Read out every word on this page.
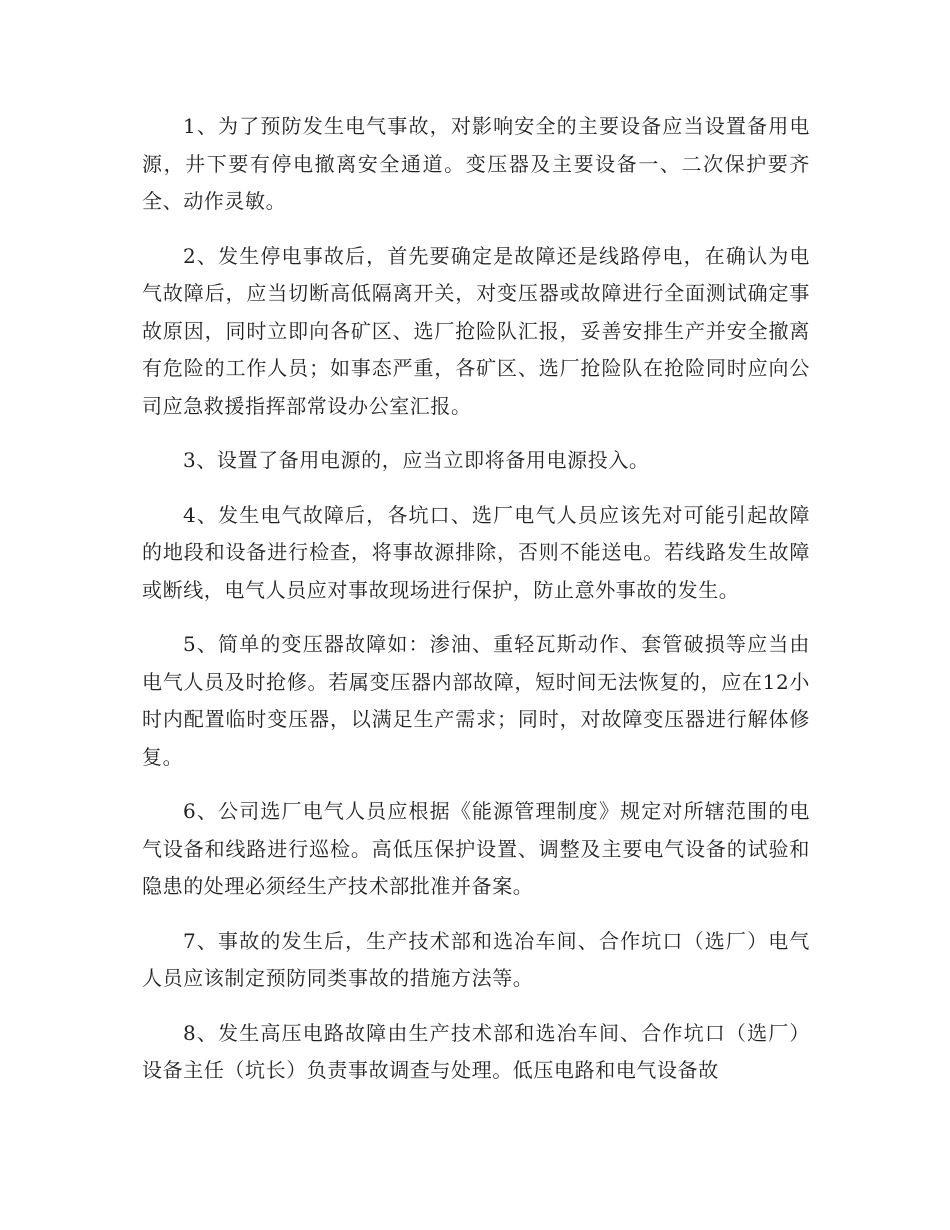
1、为了预防发生电气事故，对影响安全的主要设备应当设置备用电源，井下要有停电撤离安全通道。变压器及主要设备一、二次保护要齐全、动作灵敏。

2、发生停电事故后，首先要确定是故障还是线路停电，在确认为电气故障后，应当切断高低隔离开关，对变压器或故障进行全面测试确定事故原因，同时立即向各矿区、选厂抢险队汇报，妥善安排生产并安全撤离有危险的工作人员；如事态严重，各矿区、选厂抢险队在抢险同时应向公司应急救援指挥部常设办公室汇报。

3、设置了备用电源的，应当立即将备用电源投入。

4、发生电气故障后，各坑口、选厂电气人员应该先对可能引起故障的地段和设备进行检查，将事故源排除，否则不能送电。若线路发生故障或断线，电气人员应对事故现场进行保护，防止意外事故的发生。

5、简单的变压器故障如：渗油、重轻瓦斯动作、套管破损等应当由电气人员及时抢修。若属变压器内部故障，短时间无法恢复的，应在12小时内配置临时变压器，以满足生产需求；同时，对故障变压器进行解体修复。

6、公司选厂电气人员应根据《能源管理制度》规定对所辖范围的电气设备和线路进行巡检。高低压保护设置、调整及主要电气设备的试验和隐患的处理必须经生产技术部批准并备案。

7、事故的发生后，生产技术部和选冶车间、合作坑口（选厂）电气人员应该制定预防同类事故的措施方法等。

8、发生高压电路故障由生产技术部和选冶车间、合作坑口（选厂）设备主任（坑长）负责事故调查与处理。低压电路和电气设备故
